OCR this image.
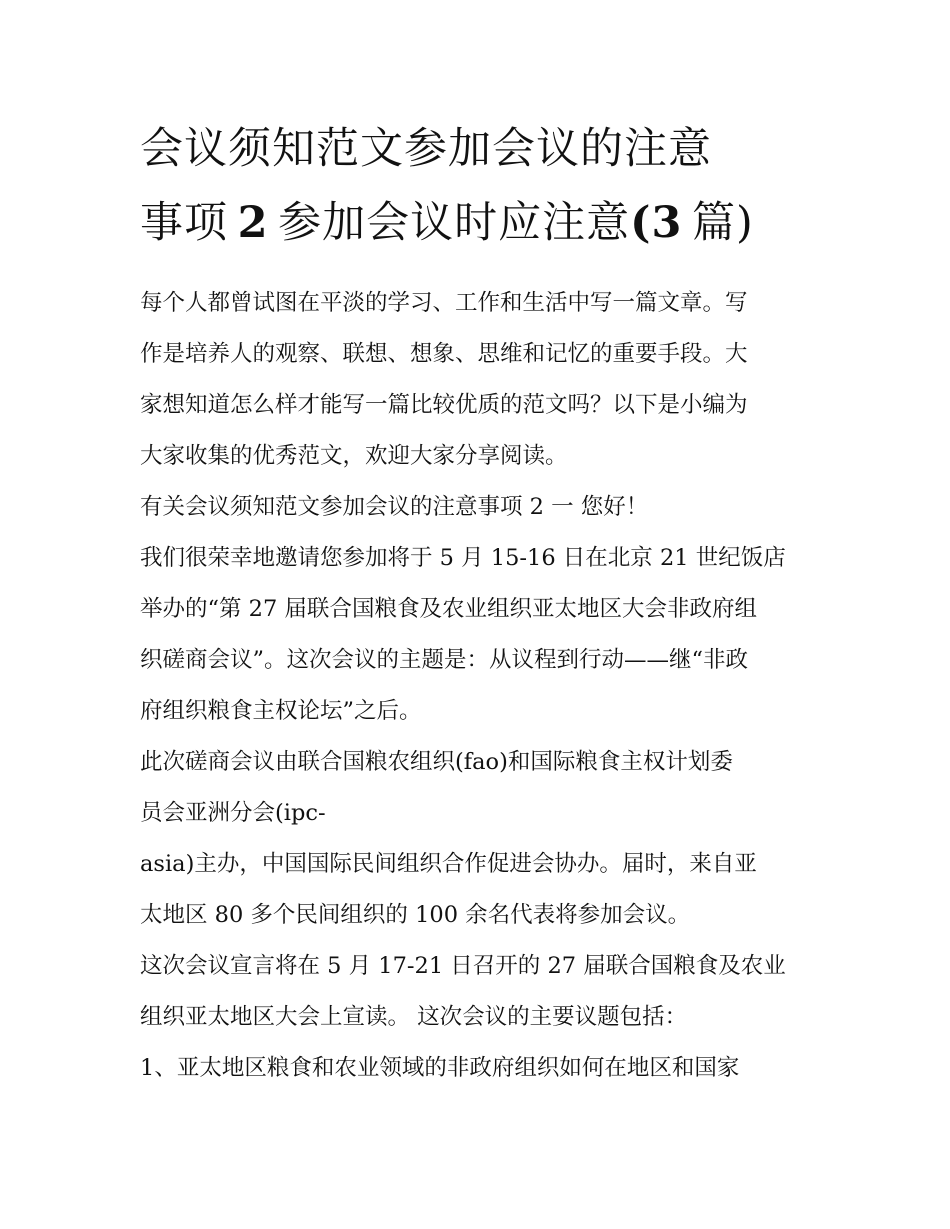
会议须知范文参加会议的注意
事项  2  参加会议时应注意(3  篇)
每个人都曾试图在平淡的学习、工作和生活中写一篇文章。写
作是培养人的观察、联想、想象、思维和记忆的重要手段。大
家想知道怎么样才能写一篇比较优质的范文吗？以下是小编为
大家收集的优秀范文，欢迎大家分享阅读。
有关会议须知范文参加会议的注意事项 2 一 您好！
我们很荣幸地邀请您参加将于 5 月 15-16 日在北京 21 世纪饭店
举办的“第 27 届联合国粮食及农业组织亚太地区大会非政府组
织磋商会议”。这次会议的主题是：从议程到行动——继“非政
府组织粮食主权论坛”之后。
此次磋商会议由联合国粮农组织(fao)和国际粮食主权计划委
员会亚洲分会(ipc-
asia)主办，中国国际民间组织合作促进会协办。届时，来自亚
太地区 80 多个民间组织的 100 余名代表将参加会议。
这次会议宣言将在 5 月 17-21 日召开的 27 届联合国粮食及农业
组织亚太地区大会上宣读。 这次会议的主要议题包括：
1、亚太地区粮食和农业领域的非政府组织如何在地区和国家
